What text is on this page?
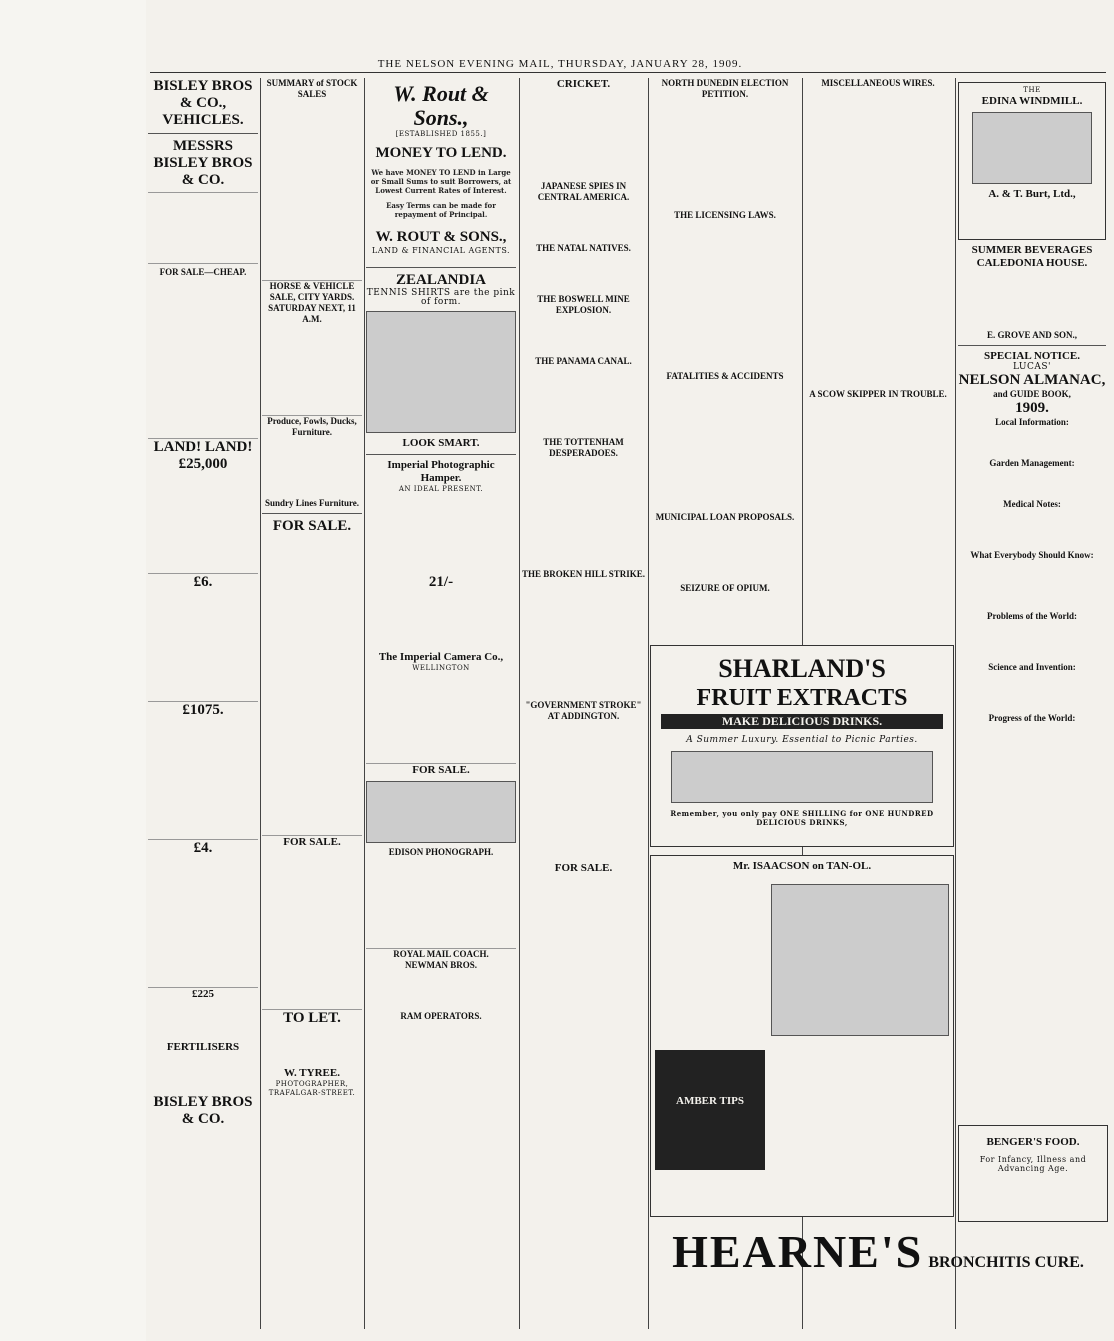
THE NELSON EVENING MAIL, THURSDAY, JANUARY 28, 1909.
BISLEY BROS & CO.,
VEHICLES.
MESSRS BISLEY BROS & CO.
FOR SALE—CHEAP.
LAND! LAND!
£25,000
£6.
£1075.
£4.
£225
FERTILISERS
BISLEY BROS & CO.
SUMMARY of STOCK SALES
HORSE & VEHICLE SALE, CITY YARDS.
SATURDAY NEXT, 11 A.M.
Produce, Fowls, Ducks, Furniture.
Sundry Lines Furniture.
FOR SALE.
FOR SALE.
TO LET.
W. TYREE.
PHOTOGRAPHER, TRAFALGAR-STREET.
W. Rout & Sons.,
[ESTABLISHED 1855.]
MONEY TO LEND.
We have MONEY TO LEND in Large or Small Sums to suit Borrowers, at Lowest Current Rates of Interest.
Easy Terms can be made for repayment of Principal.
W. ROUT & SONS.,
LAND & FINANCIAL AGENTS.
ZEALANDIA
TENNIS SHIRTS are the pink of form.
LOOK SMART.
Imperial Photographic Hamper.
AN IDEAL PRESENT.
21/-
The Imperial Camera Co.,
WELLINGTON
FOR SALE.
EDISON PHONOGRAPH.
ROYAL MAIL COACH.
NEWMAN BROS.
RAM OPERATORS.
CRICKET.
JAPANESE SPIES IN CENTRAL AMERICA.
THE NATAL NATIVES.
THE BOSWELL MINE EXPLOSION.
THE PANAMA CANAL.
THE TOTTENHAM DESPERADOES.
THE BROKEN HILL STRIKE.
"GOVERNMENT STROKE" AT ADDINGTON.
FOR SALE.
NORTH DUNEDIN ELECTION PETITION.
THE LICENSING LAWS.
FATALITIES & ACCIDENTS
MUNICIPAL LOAN PROPOSALS.
SEIZURE OF OPIUM.
MISCELLANEOUS WIRES.
A SCOW SKIPPER IN TROUBLE.
SHARLAND'S
FRUIT EXTRACTS
MAKE DELICIOUS DRINKS.
A Summer Luxury. Essential to Picnic Parties.
Remember, you only pay ONE SHILLING for ONE HUNDRED DELICIOUS DRINKS,
Mr. ISAACSON on TAN-OL.
AMBER TIPS
THE
EDINA WINDMILL.
A. & T. Burt, Ltd.,
SUMMER BEVERAGES
CALEDONIA HOUSE.
E. GROVE AND SON.,
SPECIAL NOTICE.
LUCAS'
NELSON ALMANAC,
and GUIDE BOOK,
1909.
Local Information:
Garden Management:
Medical Notes:
What Everybody Should Know:
Problems of the World:
Science and Invention:
Progress of the World:
BENGER'S FOOD.
For Infancy, Illness and Advancing Age.
HEARNE'S BRONCHITIS CURE.
